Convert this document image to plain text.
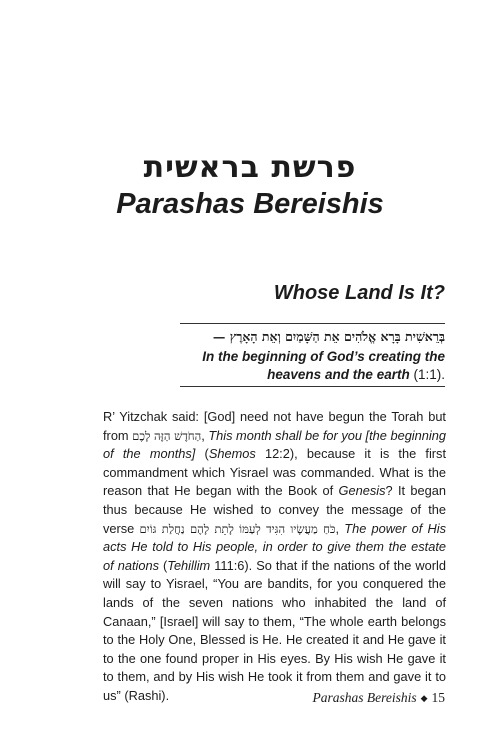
פרשת בראשית
Parashas Bereishis
Whose Land Is It?
בְּרֵאשִׁית בָּרָא אֱלֹהִים אֵת הַשָּׁמַיִם וְאֵת הָאָרֶץ —
In the beginning of God’s creating the heavens and the earth (1:1).
R’ Yitzchak said: [God] need not have begun the Torah but from הַחֹדֶשׁ הַזֶּה לָכֶם, This month shall be for you [the beginning of the months] (Shemos 12:2), because it is the first commandment which Yisrael was commanded. What is the reason that He began with the Book of Genesis? It began thus because He wished to convey the message of the verse כֹּחַ מַעֲשָׂיו הִגִּיד לְעַמּוֹ לָתֵת לָהֶם נַחֲלַת גּוֹיִם, The power of His acts He told to His people, in order to give them the estate of nations (Tehillim 111:6). So that if the nations of the world will say to Yisrael, “You are bandits, for you conquered the lands of the seven nations who inhabited the land of Canaan,” [Israel] will say to them, “The whole earth belongs to the Holy One, Blessed is He. He created it and He gave it to the one found proper in His eyes. By His wish He gave it to them, and by His wish He took it from them and gave it to us” (Rashi).	Parashas Bereishis ◆ 15
